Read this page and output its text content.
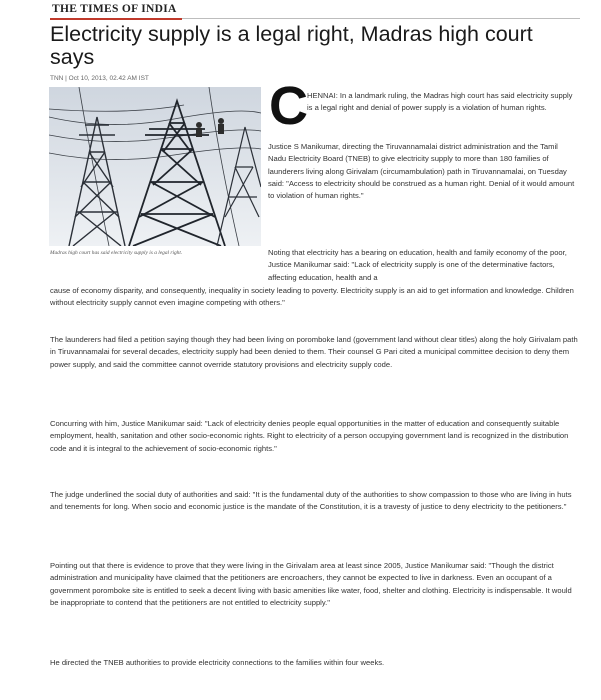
THE TIMES OF INDIA
Electricity supply is a legal right, Madras high court says
TNN | Oct 10, 2013, 02.42 AM IST
Madras high court has said electricity supply is a legal right.
C HENNAI: In a landmark ruling, the Madras high court has said electricity supply is a legal right and denial of power supply is a violation of human rights.

Justice S Manikumar, directing the Tiruvannamalai district administration and the Tamil Nadu Electricity Board (TNEB) to give electricity supply to more than 180 families of launderers living along Girivalam (circumambulation) path in Tiruvannamalai, on Tuesday said: "Access to electricity should be construed as a human right. Denial of it would amount to violation of human rights."

Noting that electricity has a bearing on education, health and family economy of the poor, Justice Manikumar said: "Lack of electricity supply is one of the determinative factors, affecting education, health and a

cause of economy disparity, and consequently, inequality in society leading to poverty. Electricity supply is an aid to get information and knowledge. Children without electricity supply cannot even imagine competing with others."

The launderers had filed a petition saying though they had been living on poromboke land (government land without clear titles) along the holy Girivalam path in Tiruvannamalai for several decades, electricity supply had been denied to them. Their counsel G Pari cited a municipal committee decision to deny them power supply, and said the committee cannot override statutory provisions and electricity supply code.

Concurring with him, Justice Manikumar said: "Lack of electricity denies people equal opportunities in the matter of education and consequently suitable employment, health, sanitation and other socio-economic rights. Right to electricity of a person occupying government land is recognized in the distribution code and it is integral to the achievement of socio-economic rights."

The judge underlined the social duty of authorities and said: "It is the fundamental duty of the authorities to show compassion to those who are living in huts and tenements for long. When socio and economic justice is the mandate of the Constitution, it is a travesty of justice to deny electricity to the petitioners."

Pointing out that there is evidence to prove that they were living in the Girivalam area at least since 2005, Justice Manikumar said: "Though the district administration and municipality have claimed that the petitioners are encroachers, they cannot be expected to live in darkness. Even an occupant of a government poromboke site is entitled to seek a decent living with basic amenities like water, food, shelter and clothing. Electricity is indispensable. It would be inappropriate to contend that the petitioners are not entitled to electricity supply."

He directed the TNEB authorities to provide electricity connections to the families within four weeks.
